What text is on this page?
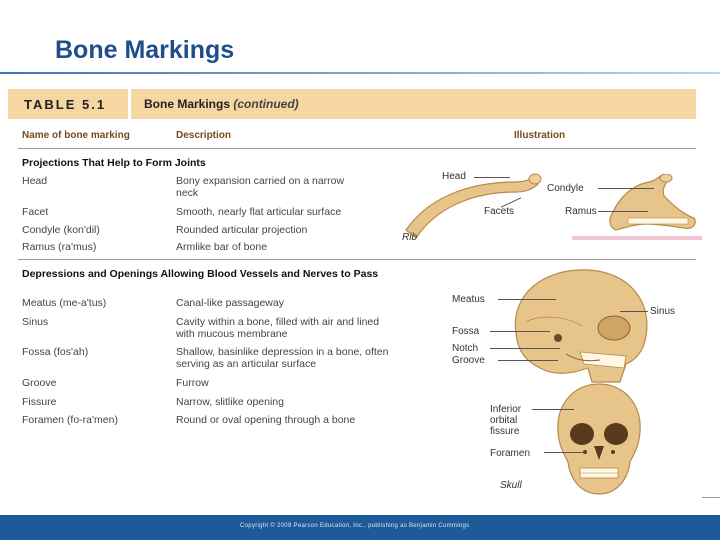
Bone Markings
TABLE 5.1	Bone Markings (continued)
Name of bone marking	Description	Illustration
Projections That Help to Form Joints
Head	Bony expansion carried on a narrow neck
Facet	Smooth, nearly flat articular surface
Condyle (kon'dil)	Rounded articular projection
Ramus (ra'mus)	Armlike bar of bone
Depressions and Openings Allowing Blood Vessels and Nerves to Pass
Meatus (me-a'tus)	Canal-like passageway
Sinus	Cavity within a bone, filled with air and lined with mucous membrane
Fossa (fos'ah)	Shallow, basinlike depression in a bone, often serving as an articular surface
Groove	Furrow
Fissure	Narrow, slitlike opening
Foramen (fo-ra'men)	Round or oval opening through a bone
Head
Facets
Rib
Condyle
Ramus
Meatus
Sinus
Fossa
Notch
Groove
Inferior orbital fissure
Foramen
Skull
Copyright © 2009 Pearson Education, Inc., publishing as Benjamin Cummings
